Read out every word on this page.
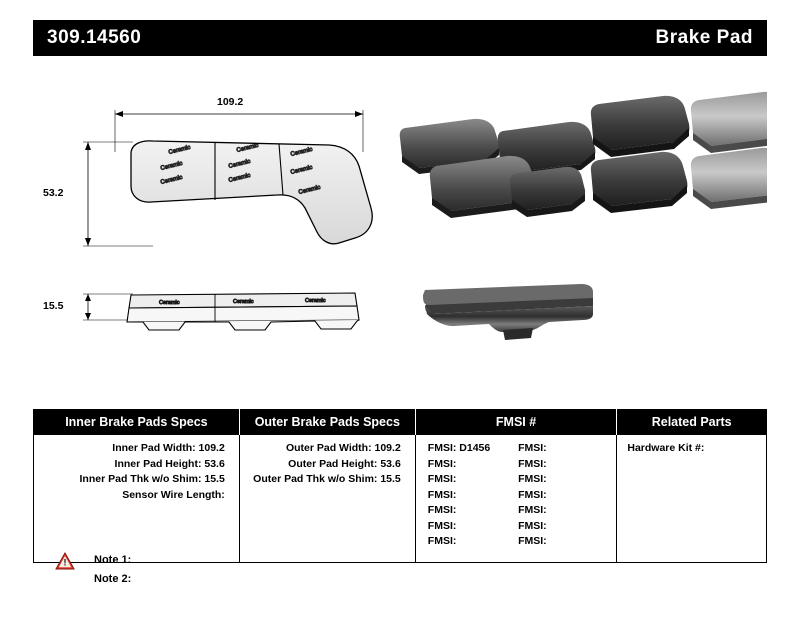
309.14560	Brake Pad
Ceramic
Ceramic
Ceramic
Ceramic
Ceramic
Ceramic
Ceramic	Ceramic	Ceramic
Ceramic	Ceramic	Ceramic
109.2
53.2
15.5
Inner Brake Pads Specs	Outer Brake Pads Specs	FMSI #	Related Parts

Inner Pad Width: 109.2
Inner Pad Height: 53.6
Inner Pad Thk w/o Shim: 15.5
Sensor Wire Length:

Outer Pad Width: 109.2
Outer Pad Height: 53.6
Outer Pad Thk w/o Shim: 15.5

FMSI: D1456
FMSI:
FMSI:
FMSI:
FMSI:
FMSI:
FMSI:
FMSI:
FMSI:
FMSI:
FMSI:
FMSI:
FMSI:
FMSI:

Hardware Kit #:
!	Note 1:
Note 2:
